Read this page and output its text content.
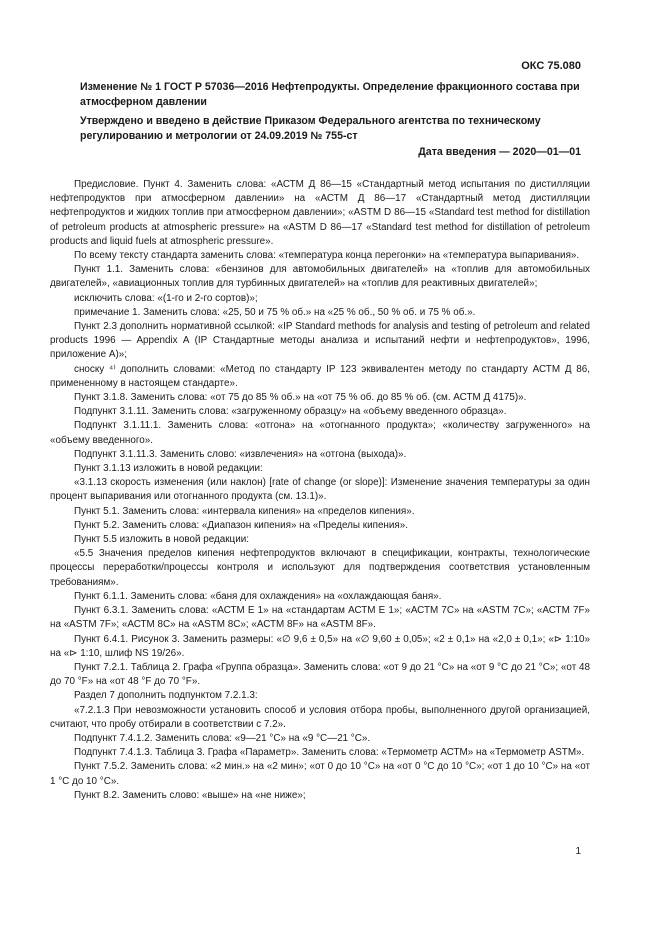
ОКС 75.080
Изменение № 1 ГОСТ Р 57036—2016 Нефтепродукты. Определение фракционного состава при атмосферном давлении
Утверждено и введено в действие Приказом Федерального агентства по техническому регулированию и метрологии от 24.09.2019 № 755-ст
Дата введения — 2020—01—01

Предисловие. Пункт 4. Заменить слова: «АСТМ Д 86—15 «Стандартный метод испытания по дистилляции нефтепродуктов при атмосферном давлении» на «АСТМ Д 86—17 «Стандартный метод дистилляции нефтепродуктов и жидких топлив при атмосферном давлении»; «ASTM D 86—15 «Standard test method for distillation of petroleum products at atmospheric pressure» на «ASTM D 86—17 «Standard test method for distillation of petroleum products and liquid fuels at atmospheric pressure».

По всему тексту стандарта заменить слова: «температура конца перегонки» на «температура выпаривания».

Пункт 1.1. Заменить слова: «бензинов для автомобильных двигателей» на «топлив для автомобильных двигателей», «авиационных топлив для турбинных двигателей» на «топлив для реактивных двигателей»;

исключить слова: «(1-го и 2-го сортов)»;

примечание 1. Заменить слова: «25, 50 и 75 % об.» на «25 % об., 50 % об. и 75 % об.».

Пункт 2.3 дополнить нормативной ссылкой: «IP Standard methods for analysis and testing of petroleum and related products 1996 — Appendix A (IP Стандартные методы анализа и испытаний нефти и нефтепродуктов», 1996, приложение А)»;

сноску ⁴⁾ дополнить словами: «Метод по стандарту IP 123 эквивалентен методу по стандарту АСТМ Д 86, примененному в настоящем стандарте».

Пункт 3.1.8. Заменить слова: «от 75 до 85 % об.» на «от 75 % об. до 85 % об. (см. АСТМ Д 4175)».

Подпункт 3.1.11. Заменить слова: «загруженному образцу» на «объему введенного образца».

Подпункт 3.1.11.1. Заменить слова: «отгона» на «отогнанного продукта»; «количеству загруженного» на «объему введенного».

Подпункт 3.1.11.3. Заменить слово: «извлечения» на «отгона (выхода)».

Пункт 3.1.13 изложить в новой редакции:

«3.1.13 скорость изменения (или наклон) [rate of change (or slope)]: Изменение значения температуры за один процент выпаривания или отогнанного продукта (см. 13.1)».

Пункт 5.1. Заменить слова: «интервала кипения» на «пределов кипения».

Пункт 5.2. Заменить слова: «Диапазон кипения» на «Пределы кипения».

Пункт 5.5 изложить в новой редакции:

«5.5 Значения пределов кипения нефтепродуктов включают в спецификации, контракты, технологические процессы переработки/процессы контроля и используют для подтверждения соответствия установленным требованиям».

Пункт 6.1.1. Заменить слова: «баня для охлаждения» на «охлаждающая баня».

Пункт 6.3.1. Заменить слова: «АСТМ Е 1» на «стандартам АСТМ Е 1»; «АСТМ 7С» на «ASTM 7C»; «АСТМ 7F» на «ASTM 7F»; «АСТМ 8С» на «ASTM 8C»; «АСТМ 8F» на «ASTM 8F».

Пункт 6.4.1. Рисунок 3. Заменить размеры: «∅ 9,6 ± 0,5» на «∅ 9,60 ± 0,05»; «2 ± 0,1» на «2,0 ± 0,1»; «⊳ 1:10» на «⊳ 1:10, шлиф NS 19/26».

Пункт 7.2.1. Таблица 2. Графа «Группа образца». Заменить слова: «от 9 до 21 °С» на «от 9 °С до 21 °С»; «от 48 до 70 °F» на «от 48 °F до 70 °F».

Раздел 7 дополнить подпунктом 7.2.1.3:

«7.2.1.3 При невозможности установить способ и условия отбора пробы, выполненного другой организацией, считают, что пробу отбирали в соответствии с 7.2».

Подпункт 7.4.1.2. Заменить слова: «9—21 °С» на «9 °С—21 °С».

Подпункт 7.4.1.3. Таблица 3. Графа «Параметр». Заменить слова: «Термометр АСТМ» на «Термометр ASTM».

Пункт 7.5.2. Заменить слова: «2 мин.» на «2 мин»; «от 0 до 10 °С» на «от 0 °С до 10 °С»; «от 1 до 10 °С» на «от 1 °С до 10 °С».

Пункт 8.2. Заменить слово: «выше» на «не ниже»;

1
